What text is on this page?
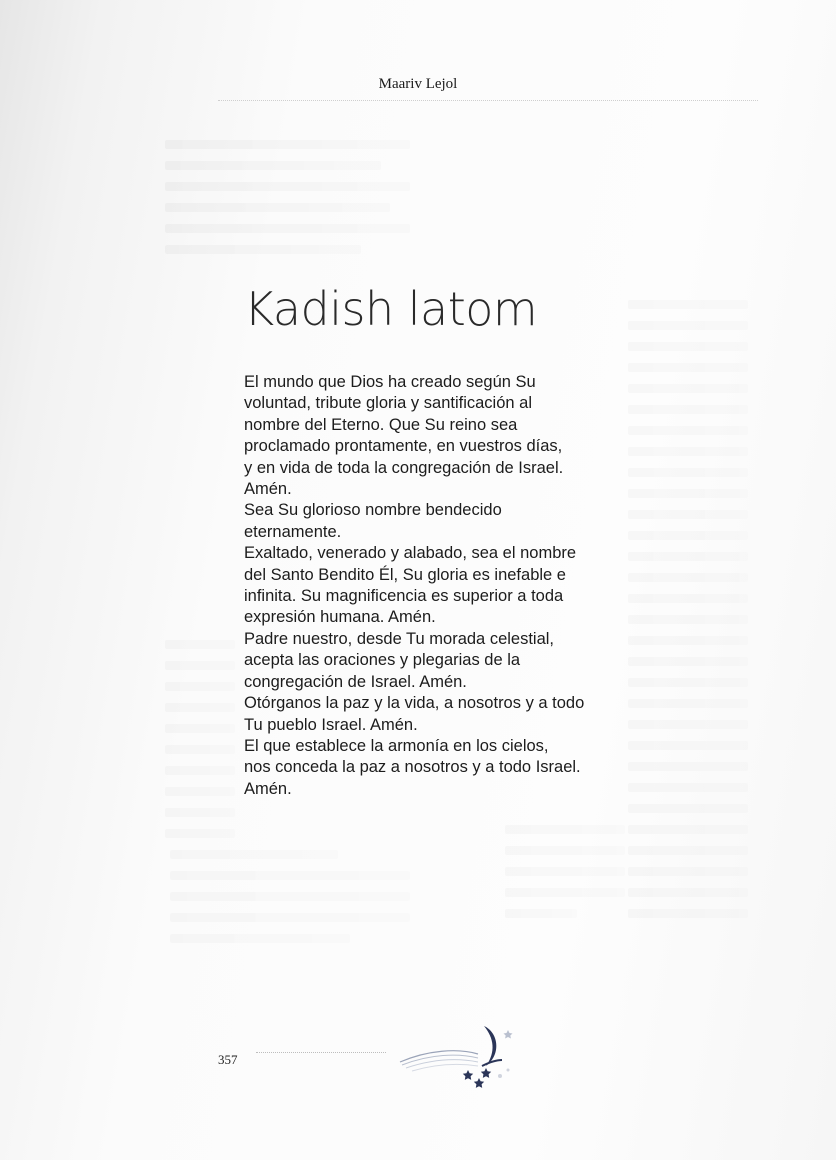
Maariv Lejol
Kadish latom
El mundo que Dios ha creado según Su
voluntad, tribute gloria y santificación al
nombre del Eterno. Que Su reino sea
proclamado prontamente, en vuestros días,
y en vida de toda la congregación de Israel.
Amén.
Sea Su glorioso nombre bendecido
eternamente.
Exaltado, venerado y alabado, sea el nombre
del Santo Bendito Él, Su gloria es inefable e
infinita. Su magnificencia es superior a toda
expresión humana. Amén.
Padre nuestro, desde Tu morada celestial,
acepta las oraciones y plegarias de la
congregación de Israel. Amén.
Otórganos la paz y la vida, a nosotros y a todo
Tu pueblo Israel. Amén.
El que establece la armonía en los cielos,
nos conceda la paz a nosotros y a todo Israel.
Amén.
357
